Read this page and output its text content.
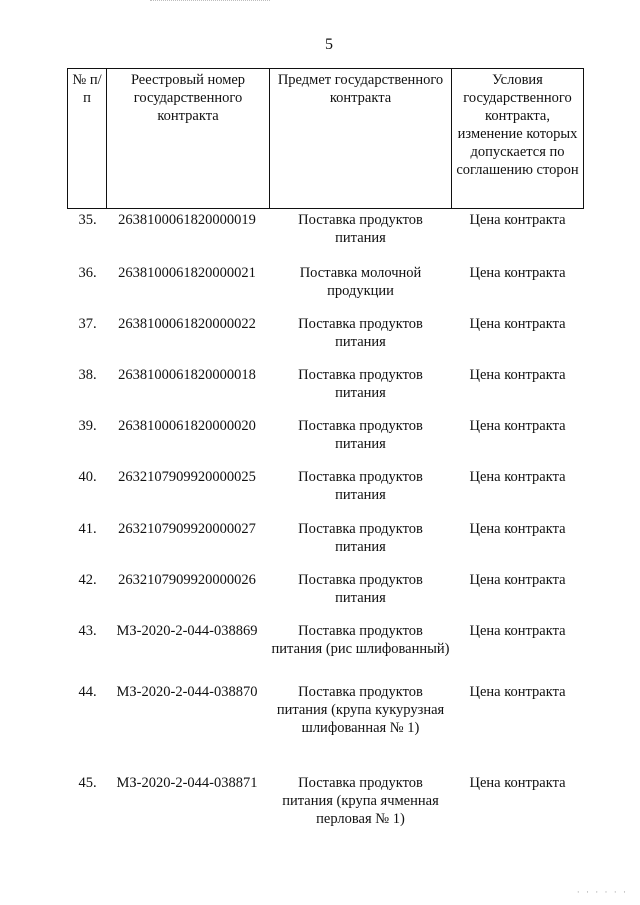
5
№ п/п	Реестровый номер государственного контракта	Предмет государственного контракта	Условия государственного контракта, изменение которых допускается по соглашению сторон
35.	2638100061820000019	Поставка продуктов питания	Цена контракта
36.	2638100061820000021	Поставка молочной продукции	Цена контракта
37.	2638100061820000022	Поставка продуктов питания	Цена контракта
38.	2638100061820000018	Поставка продуктов питания	Цена контракта
39.	2638100061820000020	Поставка продуктов питания	Цена контракта
40.	2632107909920000025	Поставка продуктов питания	Цена контракта
41.	2632107909920000027	Поставка продуктов питания	Цена контракта
42.	2632107909920000026	Поставка продуктов питания	Цена контракта
43.	МЗ-2020-2-044-038869	Поставка продуктов питания (рис шлифованный)	Цена контракта
44.	МЗ-2020-2-044-038870	Поставка продуктов питания (крупа кукурузная шлифованная № 1)	Цена контракта
45.	МЗ-2020-2-044-038871	Поставка продуктов питания (крупа ячменная перловая № 1)	Цена контракта
· · · · · ·
